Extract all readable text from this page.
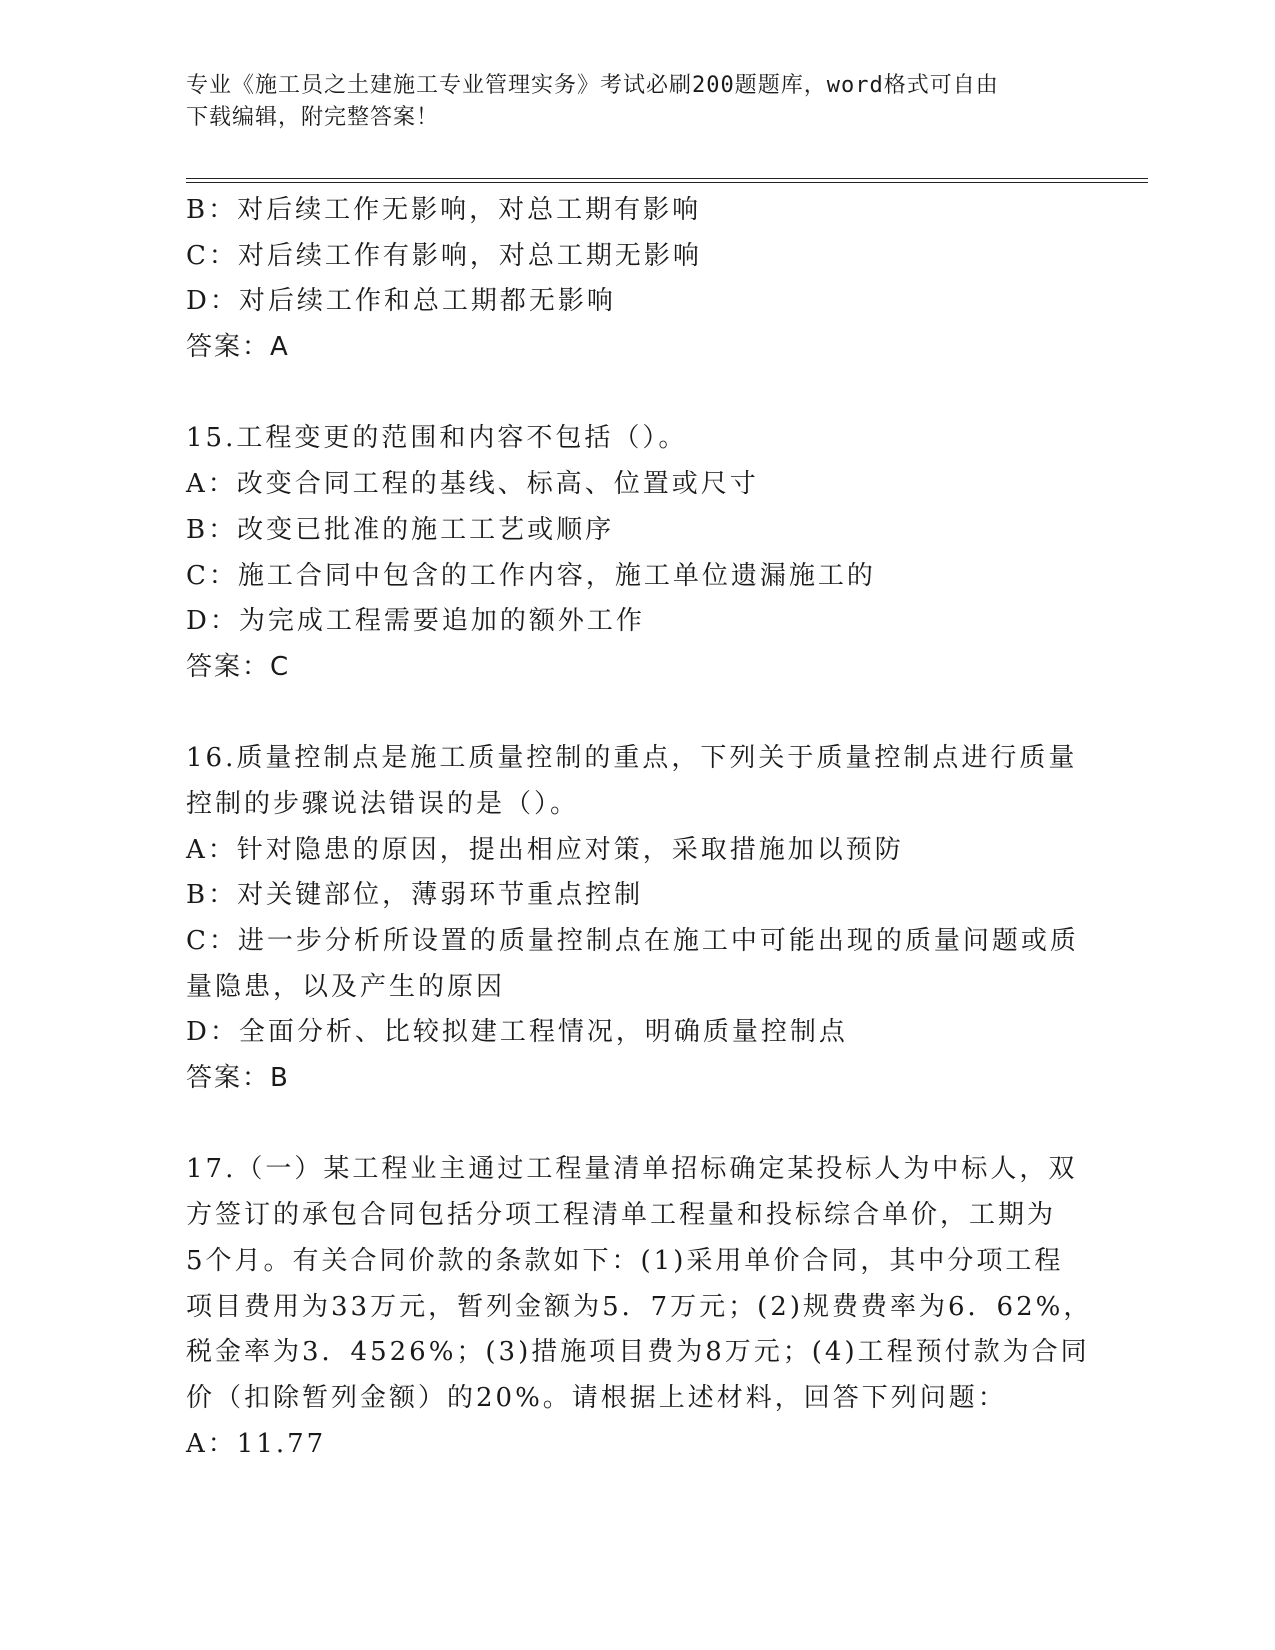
专业《施工员之土建施工专业管理实务》考试必刷200题题库，word格式可自由
下载编辑，附完整答案！
B：对后续工作无影响，对总工期有影响
C：对后续工作有影响，对总工期无影响
D：对后续工作和总工期都无影响
答案：A
15.工程变更的范围和内容不包括（）。
A：改变合同工程的基线、标高、位置或尺寸
B：改变已批准的施工工艺或顺序
C：施工合同中包含的工作内容，施工单位遗漏施工的
D：为完成工程需要追加的额外工作
答案：C
16.质量控制点是施工质量控制的重点，下列关于质量控制点进行质量
控制的步骤说法错误的是（）。
A：针对隐患的原因，提出相应对策，采取措施加以预防
B：对关键部位，薄弱环节重点控制
C：进一步分析所设置的质量控制点在施工中可能出现的质量问题或质
量隐患，以及产生的原因
D：全面分析、比较拟建工程情况，明确质量控制点
答案：B
17.（一）某工程业主通过工程量清单招标确定某投标人为中标人，双
方签订的承包合同包括分项工程清单工程量和投标综合单价，工期为
5个月。有关合同价款的条款如下：(1)采用单价合同，其中分项工程
项目费用为33万元，暂列金额为5．7万元；(2)规费费率为6．62%，
税金率为3．4526%；(3)措施项目费为8万元；(4)工程预付款为合同
价（扣除暂列金额）的20%。请根据上述材料，回答下列问题：
A：11.77
